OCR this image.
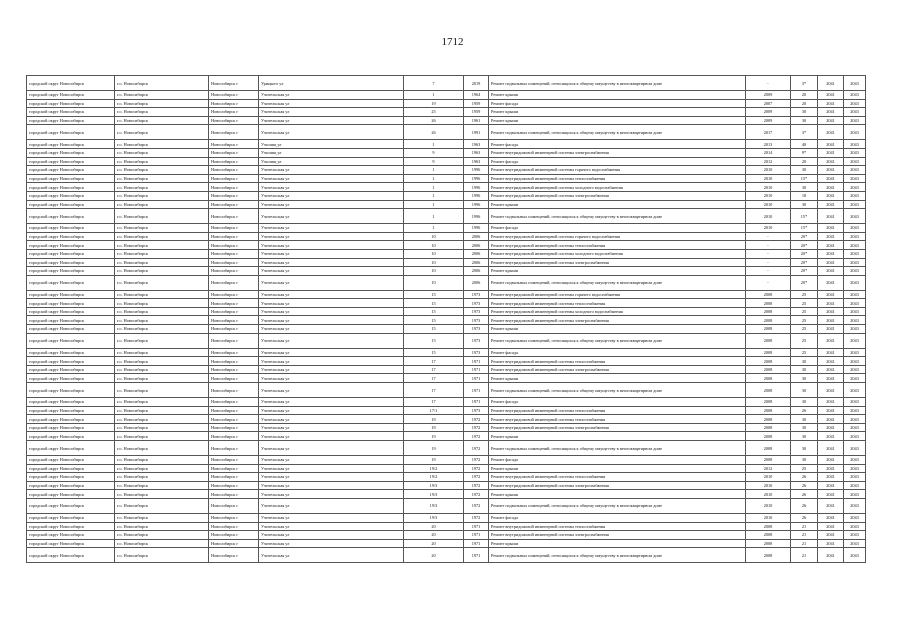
1712
городской округ Новосибирск	г.о. Новосибирск	Новосибирск г	Урицкого ул	7	2019	Ремонт подвальных помещений, относящихся к общему имуществу в многоквартирном доме	-	3*	2041	2043
городской округ Новосибирск	г.о. Новосибирск	Новосибирск г	Учительская ул	1	1964	Ремонт крыши	2009	20	2041	2043
городской округ Новосибирск	г.о. Новосибирск	Новосибирск г	Учительская ул	19	1959	Ремонт фасада	2007	20	2041	2043
городской округ Новосибирск	г.о. Новосибирск	Новосибирск г	Учительская ул	25	1959	Ремонт крыши	2009	30	2041	2043
городской округ Новосибирск	г.о. Новосибирск	Новосибирск г	Учительская ул	26	1961	Ремонт крыши	2009	30	2041	2043
городской округ Новосибирск	г.о. Новосибирск	Новосибирск г	Учительская ул	26	1991	Ремонт подвальных помещений, относящихся к общему имуществу в многоквартирном доме	2017	3*	2041	2043
городской округ Новосибирск	г.о. Новосибирск	Новосибирск г	Училищ ул	1	1963	Ремонт фасада	2013	40	2041	2043
городской округ Новосибирск	г.о. Новосибирск	Новосибирск г	Училищ ул	9	1963	Ремонт внутридомовой инженерной системы электроснабжения	2014	9*	2041	2043
городской округ Новосибирск	г.о. Новосибирск	Новосибирск г	Училищ ул	9	1963	Ремонт фасада	2012	20	2041	2043
городской округ Новосибирск	г.о. Новосибирск	Новосибирск г	Учительская ул	1	1996	Ремонт внутридомовой инженерной системы горячего водоснабжения	2010	30	2041	2043
городской округ Новосибирск	г.о. Новосибирск	Новосибирск г	Учительская ул	1	1996	Ремонт внутридомовой инженерной системы теплоснабжения	2010	15*	2041	2043
городской округ Новосибирск	г.о. Новосибирск	Новосибирск г	Учительская ул	1	1996	Ремонт внутридомовой инженерной системы холодного водоснабжения	2010	30	2041	2043
городской округ Новосибирск	г.о. Новосибирск	Новосибирск г	Учительская ул	1	1996	Ремонт внутридомовой инженерной системы электроснабжения	2010	18	2041	2043
городской округ Новосибирск	г.о. Новосибирск	Новосибирск г	Учительская ул	1	1996	Ремонт крыши	2010	30	2041	2043
городской округ Новосибирск	г.о. Новосибирск	Новосибирск г	Учительская ул	1	1996	Ремонт подвальных помещений, относящихся к общему имуществу в многоквартирном доме	2010	15*	2041	2043
городской округ Новосибирск	г.о. Новосибирск	Новосибирск г	Учительская ул	1	1996	Ремонт фасада	2010	15*	2041	2043
городской округ Новосибирск	г.о. Новосибирск	Новосибирск г	Учительская ул	10	2006	Ремонт внутридомовой инженерной системы горячего водоснабжения	-	20*	2041	2043
городской округ Новосибирск	г.о. Новосибирск	Новосибирск г	Учительская ул	10	2006	Ремонт внутридомовой инженерной системы теплоснабжения	-	20*	2041	2043
городской округ Новосибирск	г.о. Новосибирск	Новосибирск г	Учительская ул	10	2006	Ремонт внутридомовой инженерной системы холодного водоснабжения	-	20*	2041	2043
городской округ Новосибирск	г.о. Новосибирск	Новосибирск г	Учительская ул	10	2006	Ремонт внутридомовой инженерной системы электроснабжения	-	20*	2041	2043
городской округ Новосибирск	г.о. Новосибирск	Новосибирск г	Учительская ул	10	2006	Ремонт крыши	-	20*	2041	2043
городской округ Новосибирск	г.о. Новосибирск	Новосибирск г	Учительская ул	10	2006	Ремонт подвальных помещений, относящихся к общему имуществу в многоквартирном доме	-	20*	2041	2043
городской округ Новосибирск	г.о. Новосибирск	Новосибирск г	Учительская ул	15	1973	Ремонт внутридомовой инженерной системы горячего водоснабжения	2008	25	2041	2043
городской округ Новосибирск	г.о. Новосибирск	Новосибирск г	Учительская ул	15	1973	Ремонт внутридомовой инженерной системы теплоснабжения	2008	25	2041	2043
городской округ Новосибирск	г.о. Новосибирск	Новосибирск г	Учительская ул	15	1973	Ремонт внутридомовой инженерной системы холодного водоснабжения	2008	25	2041	2043
городской округ Новосибирск	г.о. Новосибирск	Новосибирск г	Учительская ул	15	1973	Ремонт внутридомовой инженерной системы электроснабжения	2008	25	2041	2043
городской округ Новосибирск	г.о. Новосибирск	Новосибирск г	Учительская ул	15	1973	Ремонт крыши	2008	25	2041	2043
городской округ Новосибирск	г.о. Новосибирск	Новосибирск г	Учительская ул	15	1973	Ремонт подвальных помещений, относящихся к общему имуществу в многоквартирном доме	2008	25	2041	2043
городской округ Новосибирск	г.о. Новосибирск	Новосибирск г	Учительская ул	15	1973	Ремонт фасада	2008	25	2041	2043
городской округ Новосибирск	г.о. Новосибирск	Новосибирск г	Учительская ул	17	1971	Ремонт внутридомовой инженерной системы теплоснабжения	2008	30	2041	2043
городской округ Новосибирск	г.о. Новосибирск	Новосибирск г	Учительская ул	17	1971	Ремонт внутридомовой инженерной системы электроснабжения	2008	30	2041	2043
городской округ Новосибирск	г.о. Новосибирск	Новосибирск г	Учительская ул	17	1971	Ремонт крыши	2008	30	2041	2043
городской округ Новосибирск	г.о. Новосибирск	Новосибирск г	Учительская ул	17	1971	Ремонт подвальных помещений, относящихся к общему имуществу в многоквартирном доме	2008	30	2041	2043
городской округ Новосибирск	г.о. Новосибирск	Новосибирск г	Учительская ул	17	1971	Ремонт фасада	2008	30	2041	2043
городской округ Новосибирск	г.о. Новосибирск	Новосибирск г	Учительская ул	17/1	1973	Ремонт внутридомовой инженерной системы теплоснабжения	2008	26	2041	2043
городской округ Новосибирск	г.о. Новосибирск	Новосибирск г	Учительская ул	19	1972	Ремонт внутридомовой инженерной системы теплоснабжения	2008	30	2041	2043
городской округ Новосибирск	г.о. Новосибирск	Новосибирск г	Учительская ул	19	1972	Ремонт внутридомовой инженерной системы электроснабжения	2008	30	2041	2043
городской округ Новосибирск	г.о. Новосибирск	Новосибирск г	Учительская ул	19	1972	Ремонт крыши	2008	30	2041	2043
городской округ Новосибирск	г.о. Новосибирск	Новосибирск г	Учительская ул	19	1972	Ремонт подвальных помещений, относящихся к общему имуществу в многоквартирном доме	2008	30	2041	2043
городской округ Новосибирск	г.о. Новосибирск	Новосибирск г	Учительская ул	19	1972	Ремонт фасада	2008	30	2041	2043
городской округ Новосибирск	г.о. Новосибирск	Новосибирск г	Учительская ул	19/2	1972	Ремонт крыши	2012	25	2041	2043
городской округ Новосибирск	г.о. Новосибирск	Новосибирск г	Учительская ул	19/2	1972	Ремонт внутридомовой инженерной системы теплоснабжения	2010	26	2041	2043
городской округ Новосибирск	г.о. Новосибирск	Новосибирск г	Учительская ул	19/3	1972	Ремонт внутридомовой инженерной системы электроснабжения	2010	26	2041	2043
городской округ Новосибирск	г.о. Новосибирск	Новосибирск г	Учительская ул	19/3	1972	Ремонт крыши	2010	26	2041	2043
городской округ Новосибирск	г.о. Новосибирск	Новосибирск г	Учительская ул	19/3	1972	Ремонт подвальных помещений, относящихся к общему имуществу в многоквартирном доме	2010	26	2041	2043
городской округ Новосибирск	г.о. Новосибирск	Новосибирск г	Учительская ул	19/3	1972	Ремонт фасада	2010	26	2041	2043
городской округ Новосибирск	г.о. Новосибирск	Новосибирск г	Учительская ул	20	1971	Ремонт внутридомовой инженерной системы теплоснабжения	2008	21	2041	2043
городской округ Новосибирск	г.о. Новосибирск	Новосибирск г	Учительская ул	20	1971	Ремонт внутридомовой инженерной системы электроснабжения	2008	21	2041	2043
городской округ Новосибирск	г.о. Новосибирск	Новосибирск г	Учительская ул	20	1971	Ремонт крыши	2008	21	2041	2043
городской округ Новосибирск	г.о. Новосибирск	Новосибирск г	Учительская ул	20	1971	Ремонт подвальных помещений, относящихся к общему имуществу в многоквартирном доме	2008	21	2041	2043
